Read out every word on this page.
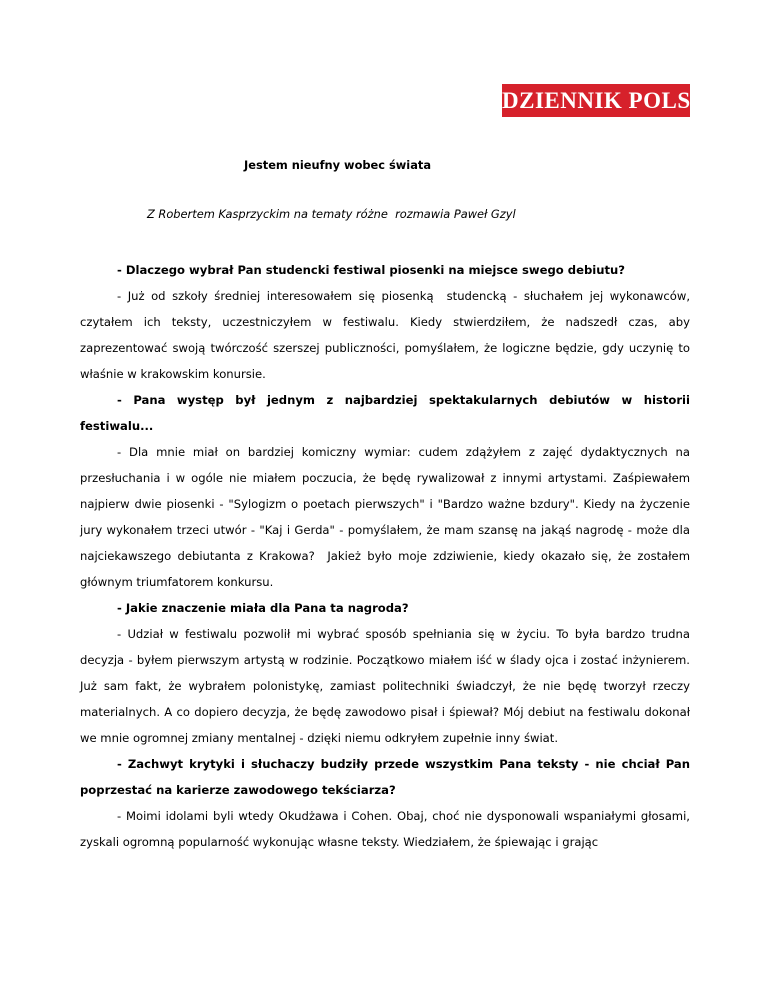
DZIENNIK POLSKI
Jestem nieufny wobec świata
Z Robertem Kasprzyckim na tematy różne  rozmawia Paweł Gzyl

- Dlaczego wybrał Pan studencki festiwal piosenki na miejsce swego debiutu?

- Już od szkoły średniej interesowałem się piosenką  studencką - słuchałem jej wykonawców, czytałem ich teksty, uczestniczyłem w festiwalu. Kiedy stwierdziłem, że nadszedł czas, aby zaprezentować swoją twórczość szerszej publiczności, pomyślałem, że logiczne będzie, gdy uczynię to właśnie w krakowskim konursie.

- Pana występ był jednym z najbardziej spektakularnych debiutów w historii festiwalu...

- Dla mnie miał on bardziej komiczny wymiar: cudem zdążyłem z zajęć dydaktycznych na przesłuchania i w ogóle nie miałem poczucia, że będę rywalizował z innymi artystami. Zaśpiewałem najpierw dwie piosenki - "Sylogizm o poetach pierwszych" i "Bardzo ważne bzdury". Kiedy na życzenie jury wykonałem trzeci utwór - "Kaj i Gerda" - pomyślałem, że mam szansę na jakąś nagrodę - może dla najciekawszego debiutanta z Krakowa?  Jakież było moje zdziwienie, kiedy okazało się, że zostałem głównym triumfatorem konkursu.

- Jakie znaczenie miała dla Pana ta nagroda?

- Udział w festiwalu pozwolił mi wybrać sposób spełniania się w życiu. To była bardzo trudna decyzja - byłem pierwszym artystą w rodzinie. Początkowo miałem iść w ślady ojca i zostać inżynierem. Już sam fakt, że wybrałem polonistykę, zamiast politechniki świadczył, że nie będę tworzył rzeczy materialnych. A co dopiero decyzja, że będę zawodowo pisał i śpiewał? Mój debiut na festiwalu dokonał we mnie ogromnej zmiany mentalnej - dzięki niemu odkryłem zupełnie inny świat.

- Zachwyt krytyki i słuchaczy budziły przede wszystkim Pana teksty - nie chciał Pan poprzestać na karierze zawodowego tekściarza?

- Moimi idolami byli wtedy Okudżawa i Cohen. Obaj, choć nie dysponowali wspaniałymi głosami, zyskali ogromną popularność wykonując własne teksty. Wiedziałem, że śpiewając i grając
